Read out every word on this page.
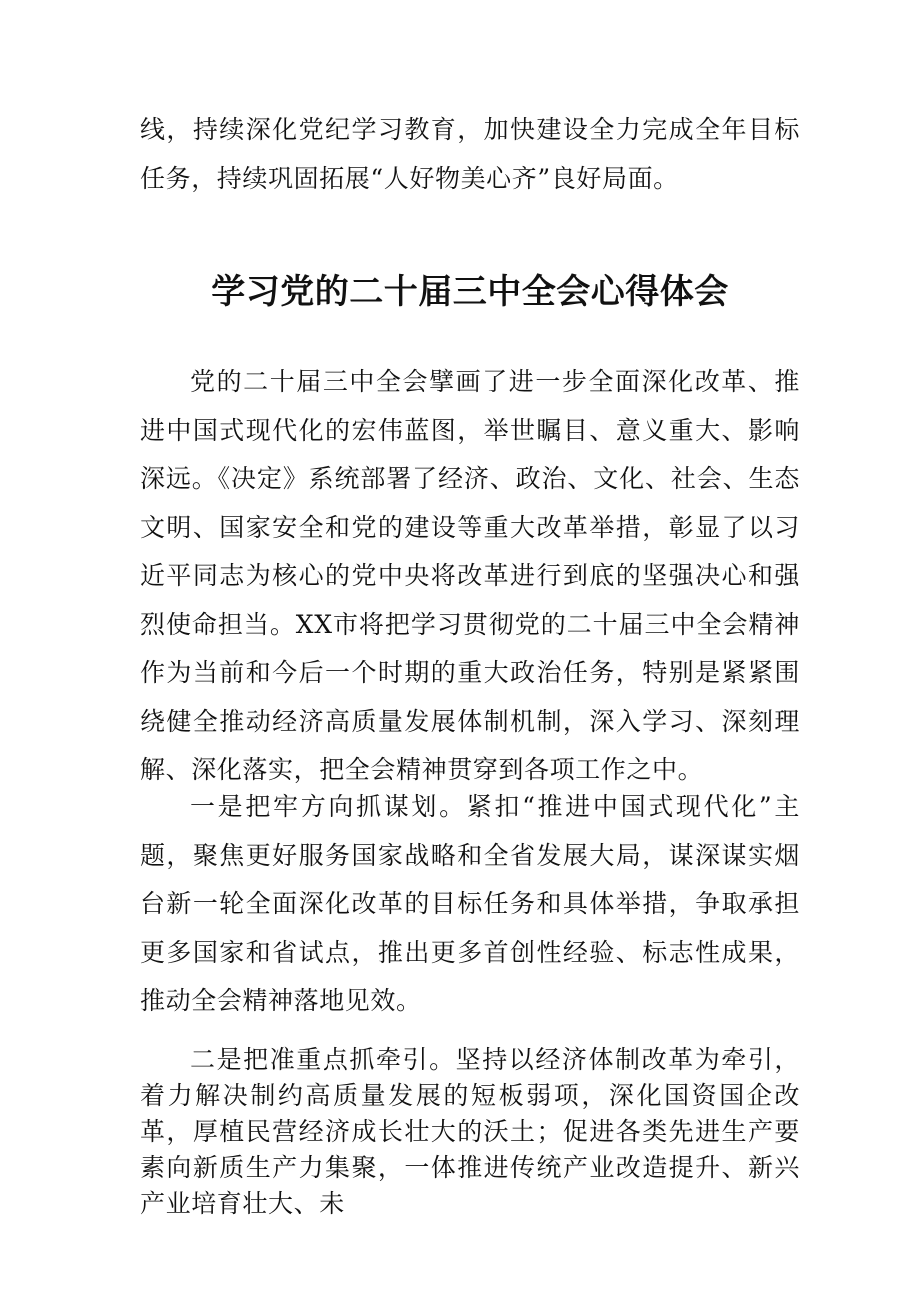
线，持续深化党纪学习教育，加快建设全力完成全年目标任务，持续巩固拓展“人好物美心齐”良好局面。

学习党的二十届三中全会心得体会

党的二十届三中全会擘画了进一步全面深化改革、推进中国式现代化的宏伟蓝图，举世瞩目、意义重大、影响深远。《决定》系统部署了经济、政治、文化、社会、生态文明、国家安全和党的建设等重大改革举措，彰显了以习近平同志为核心的党中央将改革进行到底的坚强决心和强烈使命担当。XX市将把学习贯彻党的二十届三中全会精神作为当前和今后一个时期的重大政治任务，特别是紧紧围绕健全推动经济高质量发展体制机制，深入学习、深刻理解、深化落实，把全会精神贯穿到各项工作之中。

一是把牢方向抓谋划。紧扣“推进中国式现代化”主题，聚焦更好服务国家战略和全省发展大局，谋深谋实烟台新一轮全面深化改革的目标任务和具体举措，争取承担更多国家和省试点，推出更多首创性经验、标志性成果，推动全会精神落地见效。

二是把准重点抓牵引。坚持以经济体制改革为牵引，着力解决制约高质量发展的短板弱项，深化国资国企改革，厚植民营经济成长壮大的沃土；促进各类先进生产要素向新质生产力集聚，一体推进传统产业改造提升、新兴产业培育壮大、未
